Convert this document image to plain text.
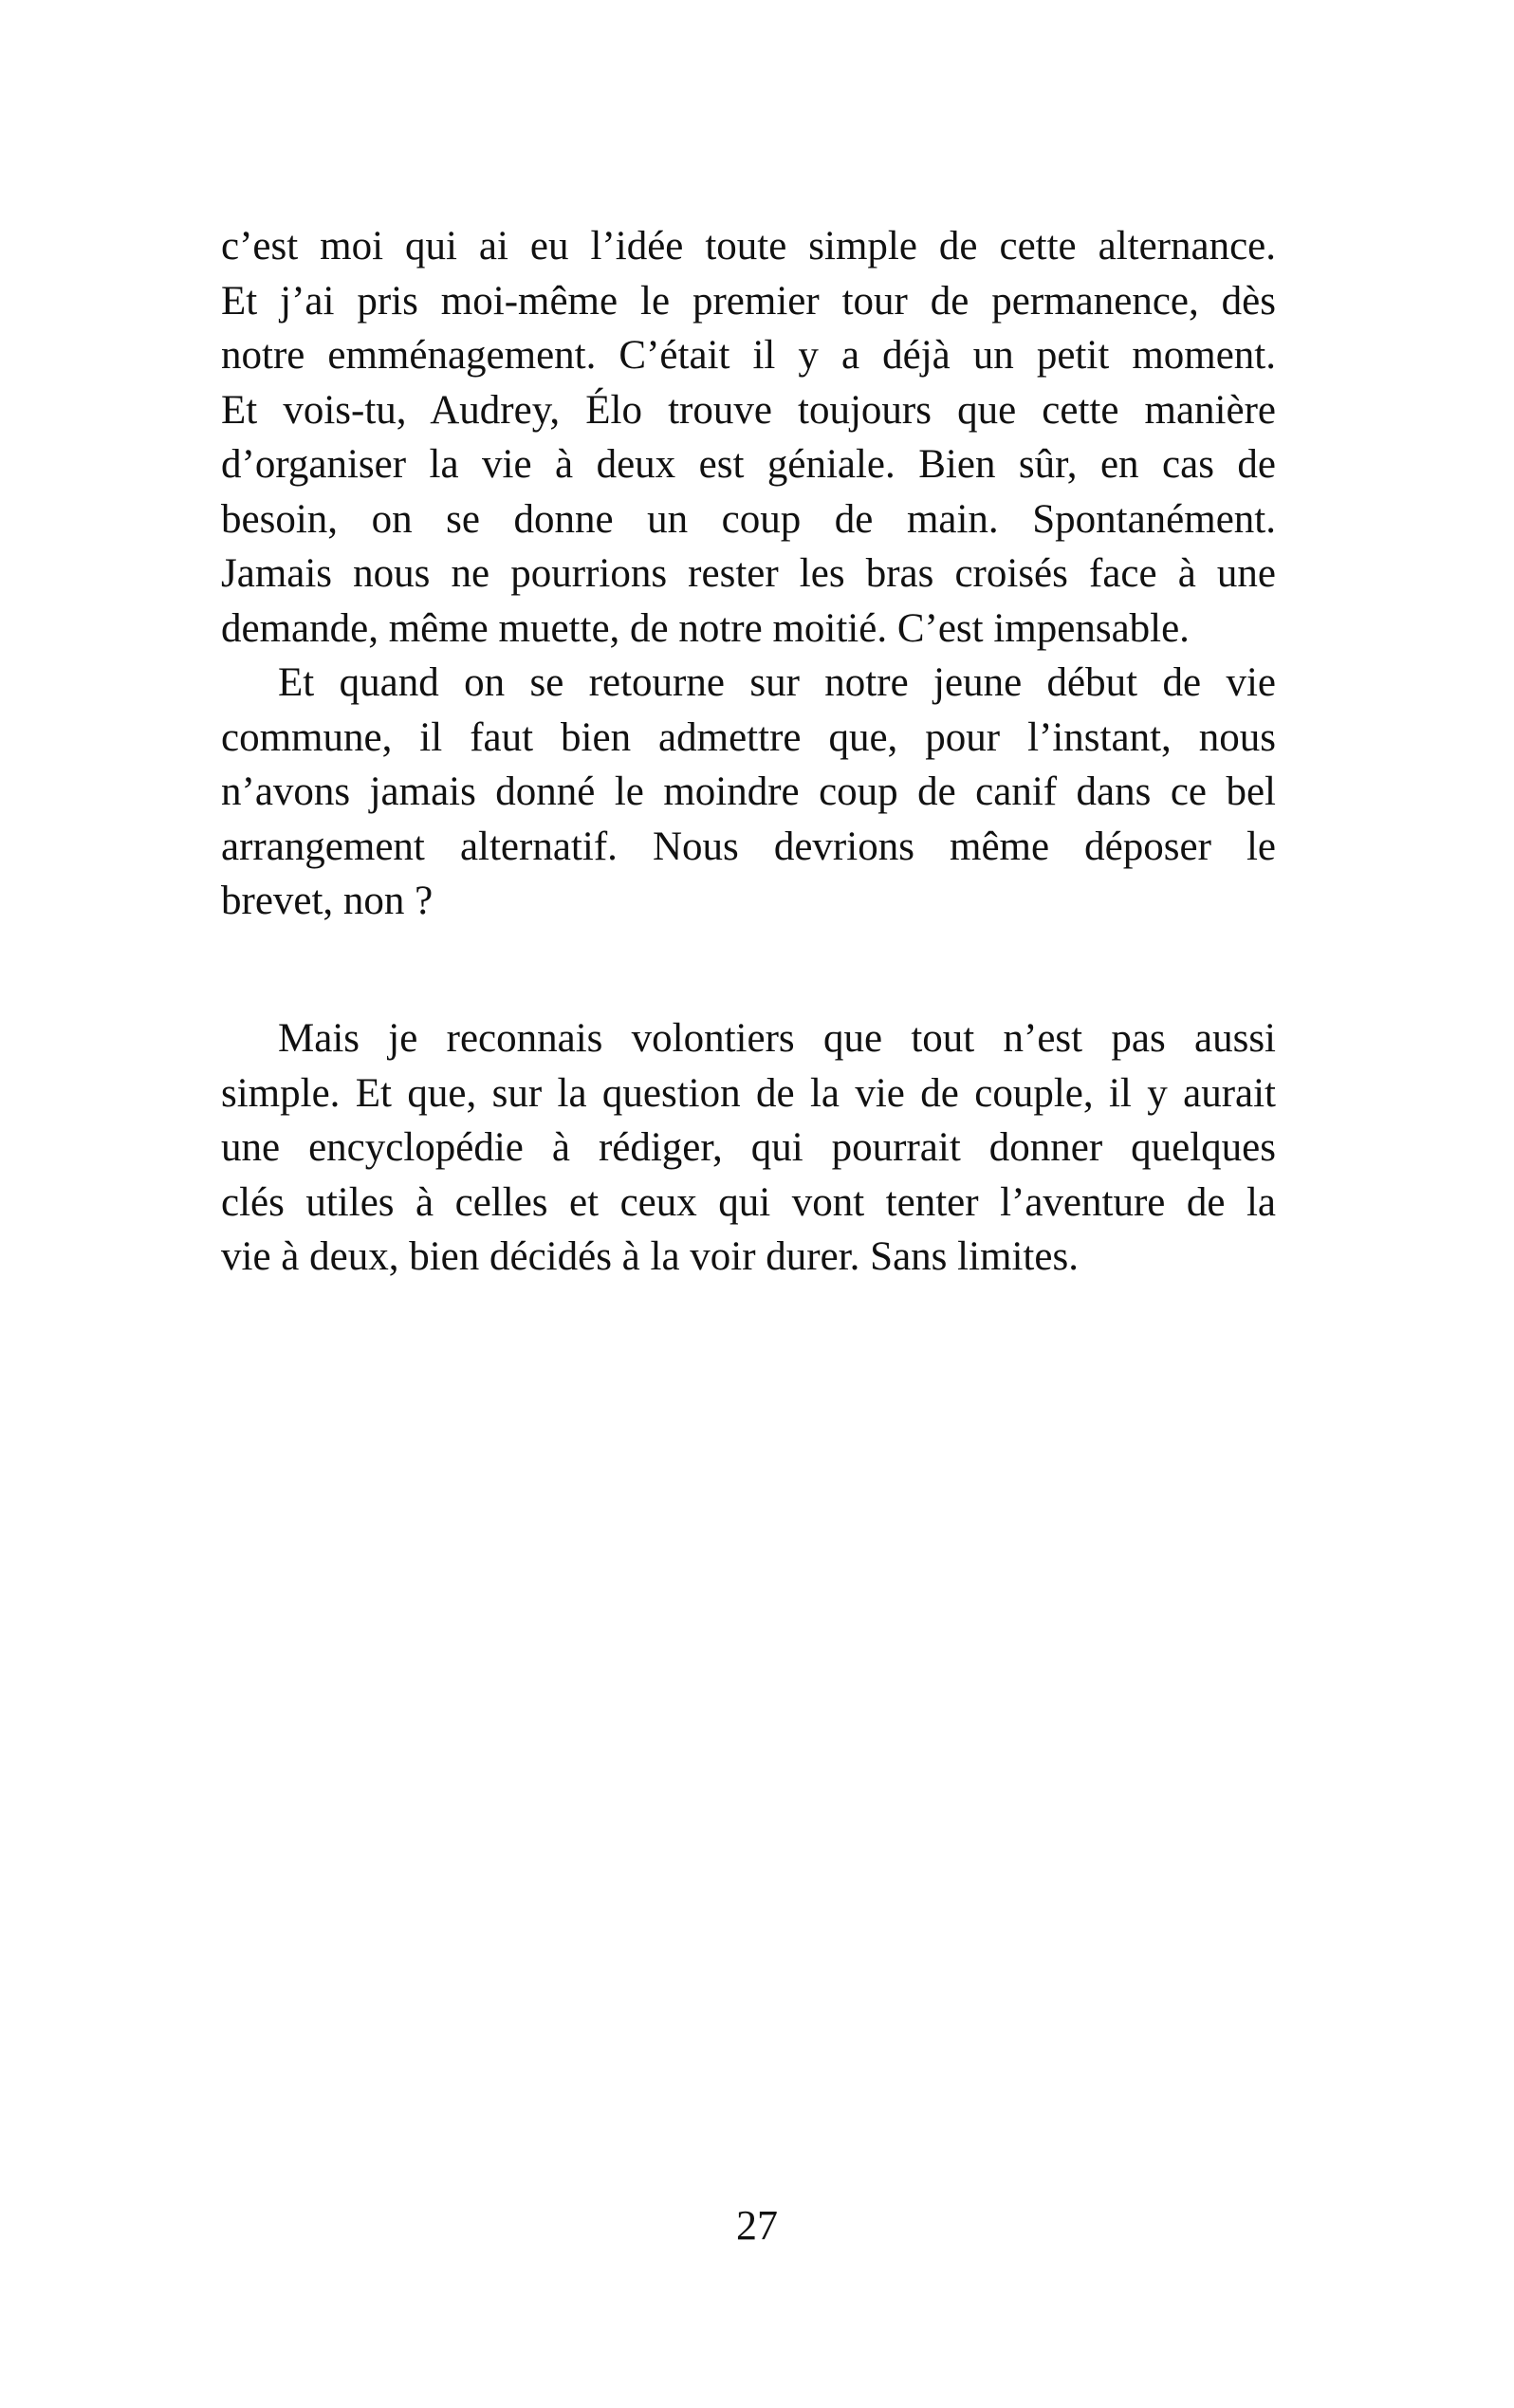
c’est moi qui ai eu l’idée toute simple de cette alternance.
Et j’ai pris moi-même le premier tour de permanence, dès
notre emménagement. C’était il y a déjà un petit moment.
Et vois-tu, Audrey, Élo trouve toujours que cette manière
d’organiser la vie à deux est géniale. Bien sûr, en cas de
besoin, on se donne un coup de main. Spontanément.
Jamais nous ne pourrions rester les bras croisés face à une
demande, même muette, de notre moitié. C’est impensable.

Et quand on se retourne sur notre jeune début de vie
commune, il faut bien admettre que, pour l’instant, nous
n’avons jamais donné le moindre coup de canif dans ce bel
arrangement alternatif. Nous devrions même déposer le
brevet, non ?

Mais je reconnais volontiers que tout n’est pas aussi
simple. Et que, sur la question de la vie de couple, il y aurait
une encyclopédie à rédiger, qui pourrait donner quelques
clés utiles à celles et ceux qui vont tenter l’aventure de la
vie à deux, bien décidés à la voir durer. Sans limites.

27
